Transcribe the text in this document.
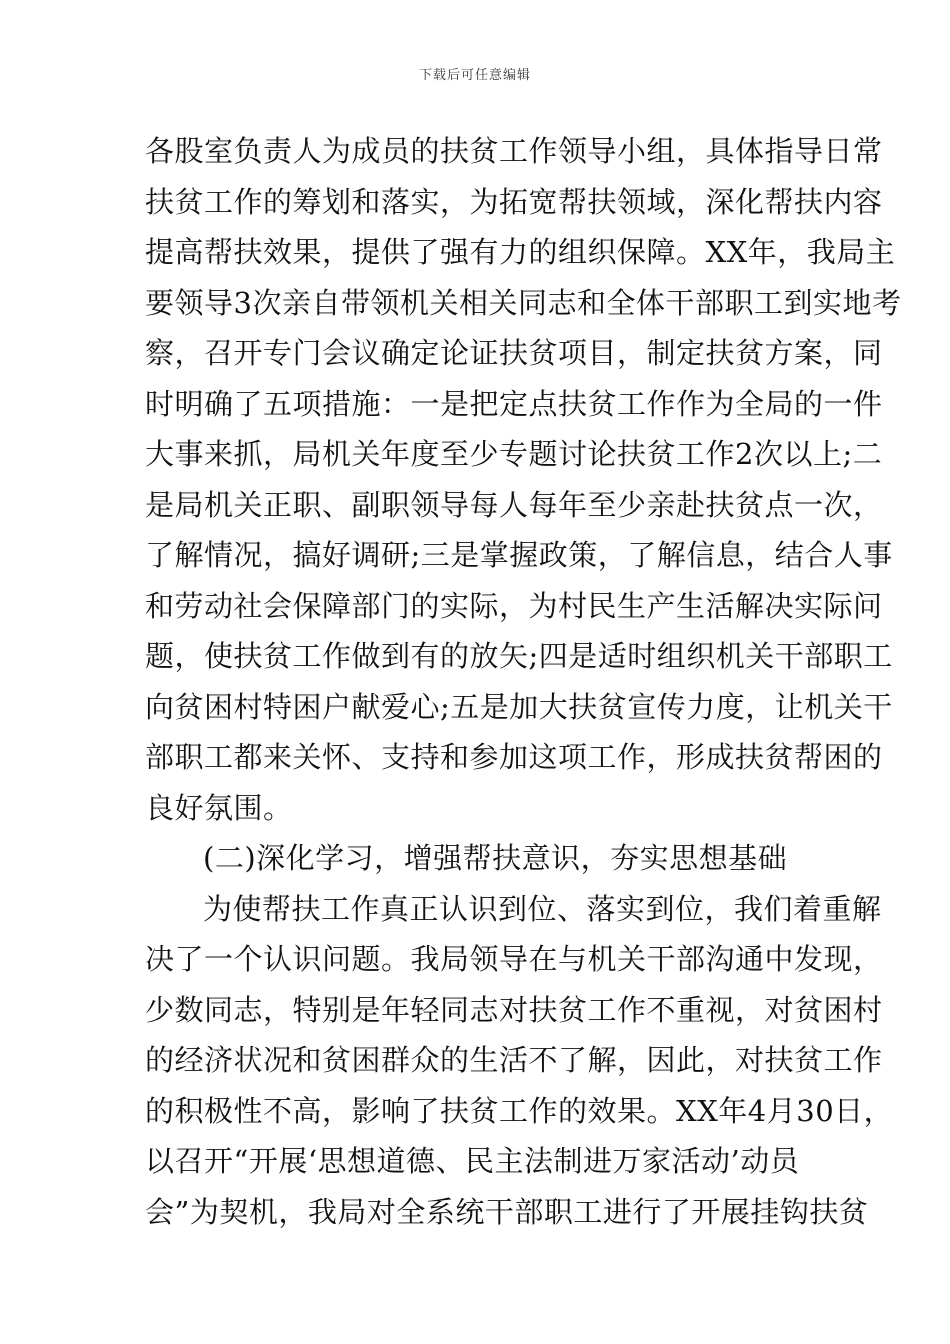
下载后可任意编辑
各股室负责人为成员的扶贫工作领导小组，具体指导日常
扶贫工作的筹划和落实，为拓宽帮扶领域，深化帮扶内容
提高帮扶效果，提供了强有力的组织保障。XX年，我局主
要领导3次亲自带领机关相关同志和全体干部职工到实地考
察，召开专门会议确定论证扶贫项目，制定扶贫方案，同
时明确了五项措施：一是把定点扶贫工作作为全局的一件
大事来抓，局机关年度至少专题讨论扶贫工作2次以上;二
是局机关正职、副职领导每人每年至少亲赴扶贫点一次，
了解情况，搞好调研;三是掌握政策，了解信息，结合人事
和劳动社会保障部门的实际，为村民生产生活解决实际问
题，使扶贫工作做到有的放矢;四是适时组织机关干部职工
向贫困村特困户献爱心;五是加大扶贫宣传力度，让机关干
部职工都来关怀、支持和参加这项工作，形成扶贫帮困的
良好氛围。
(二)深化学习，增强帮扶意识，夯实思想基础
为使帮扶工作真正认识到位、落实到位，我们着重解
决了一个认识问题。我局领导在与机关干部沟通中发现，
少数同志，特别是年轻同志对扶贫工作不重视，对贫困村
的经济状况和贫困群众的生活不了解，因此，对扶贫工作
的积极性不高，影响了扶贫工作的效果。XX年4月30日，
以召开“开展‘思想道德、民主法制进万家活动’动员
会”为契机，我局对全系统干部职工进行了开展挂钩扶贫
